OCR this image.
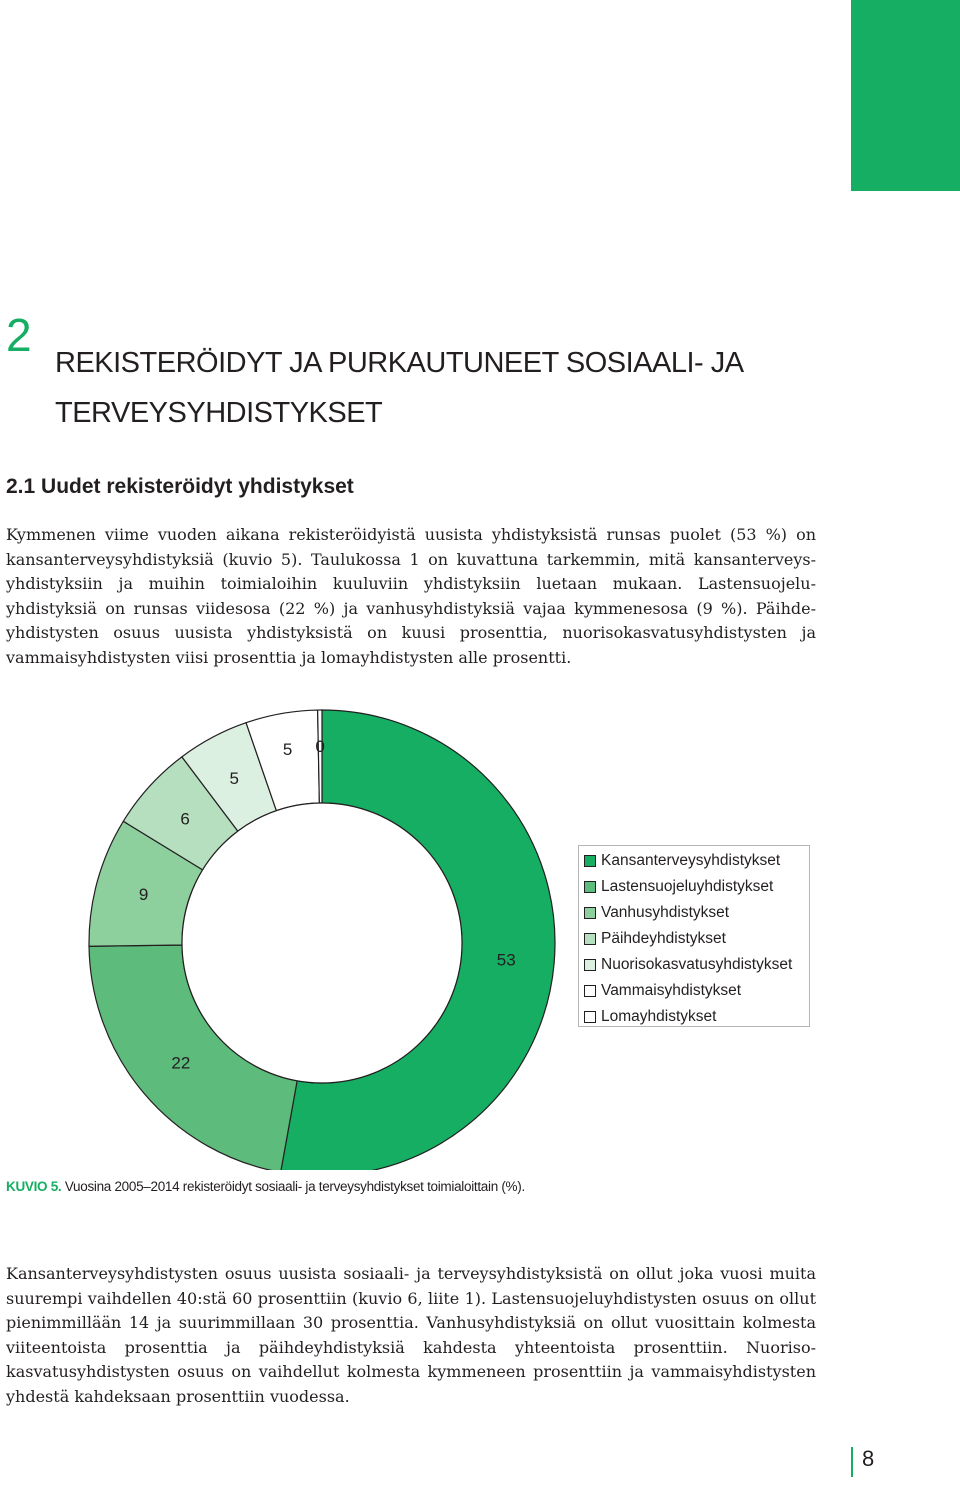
2
REKISTERÖIDYT JA PURKAUTUNEET SOSIAALI- JA TERVEYSYHDISTYKSET
2.1 Uudet rekisteröidyt yhdistykset

Kymmenen viime vuoden aikana rekisteröidyistä uusista yhdistyksistä runsas puolet (53 %) on kansanterveysyhdistyksiä (kuvio 5). Taulukossa 1 on kuvattuna tarkemmin, mitä kansanterveysyhdistyksiin ja muihin toimialoihin kuuluviin yhdistyksiin luetaan mukaan. Lastensuojeluyhdistyksiä on runsas viidesosa (22 %) ja vanhusyhdistyksiä vajaa kymmenesosa (9 %). Päihdeyhdistysten osuus uusista yhdistyksistä on kuusi prosenttia, nuorisokasvatusyhdistysten ja vammaisyhdistysten viisi prosenttia ja lomayhdistysten alle prosentti.

53
22
9
6
5
5 0
Kansanterveysyhdistykset
Lastensuojeluyhdistykset
Vanhusyhdistykset
Päihdeyhdistykset
Nuorisokasvatusyhdistykset
Vammaisyhdistykset
Lomayhdistykset
KUVIO 5. Vuosina 2005–2014 rekisteröidyt sosiaali- ja terveysyhdistykset toimialoittain (%).

Kansanterveysyhdistysten osuus uusista sosiaali- ja terveysyhdistyksistä on ollut joka vuosi muita suurempi vaihdellen 40:stä 60 prosenttiin (kuvio 6, liite 1). Lastensuojeluyhdistysten osuus on ollut pienimmillään 14 ja suurimmillaan 30 prosenttia. Vanhusyhdistyksiä on ollut vuosittain kolmesta viiteentoista prosenttia ja päihdeyhdistyksiä kahdesta yhteentoista prosenttiin. Nuorisokasvatusyhdistysten osuus on vaihdellut kolmesta kymmeneen prosenttiin ja vammaisyhdistysten yhdestä kahdeksaan prosenttiin vuodessa.

8
